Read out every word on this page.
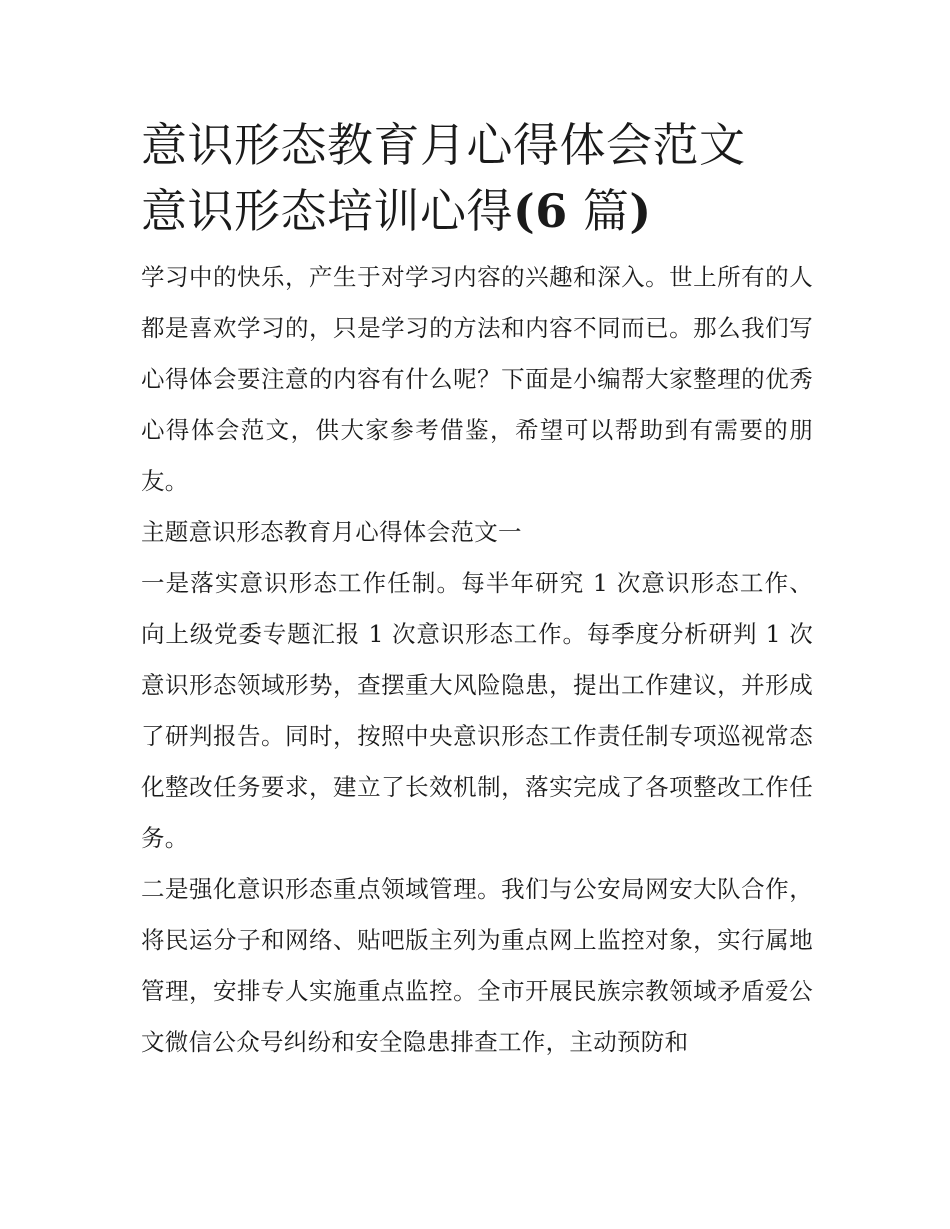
意识形态教育月心得体会范文
意识形态培训心得(6 篇)

学习中的快乐，产生于对学习内容的兴趣和深入。世上所有的人都是喜欢学习的，只是学习的方法和内容不同而已。那么我们写心得体会要注意的内容有什么呢？下面是小编帮大家整理的优秀心得体会范文，供大家参考借鉴，希望可以帮助到有需要的朋友。

主题意识形态教育月心得体会范文一

一是落实意识形态工作任制。每半年研究 1 次意识形态工作、向上级党委专题汇报 1 次意识形态工作。每季度分析研判 1 次意识形态领域形势，查摆重大风险隐患，提出工作建议，并形成了研判报告。同时，按照中央意识形态工作责任制专项巡视常态化整改任务要求，建立了长效机制，落实完成了各项整改工作任务。

二是强化意识形态重点领域管理。我们与公安局网安大队合作，将民运分子和网络、贴吧版主列为重点网上监控对象，实行属地管理，安排专人实施重点监控。全市开展民族宗教领域矛盾爱公文微信公众号纠纷和安全隐患排查工作，主动预防和
